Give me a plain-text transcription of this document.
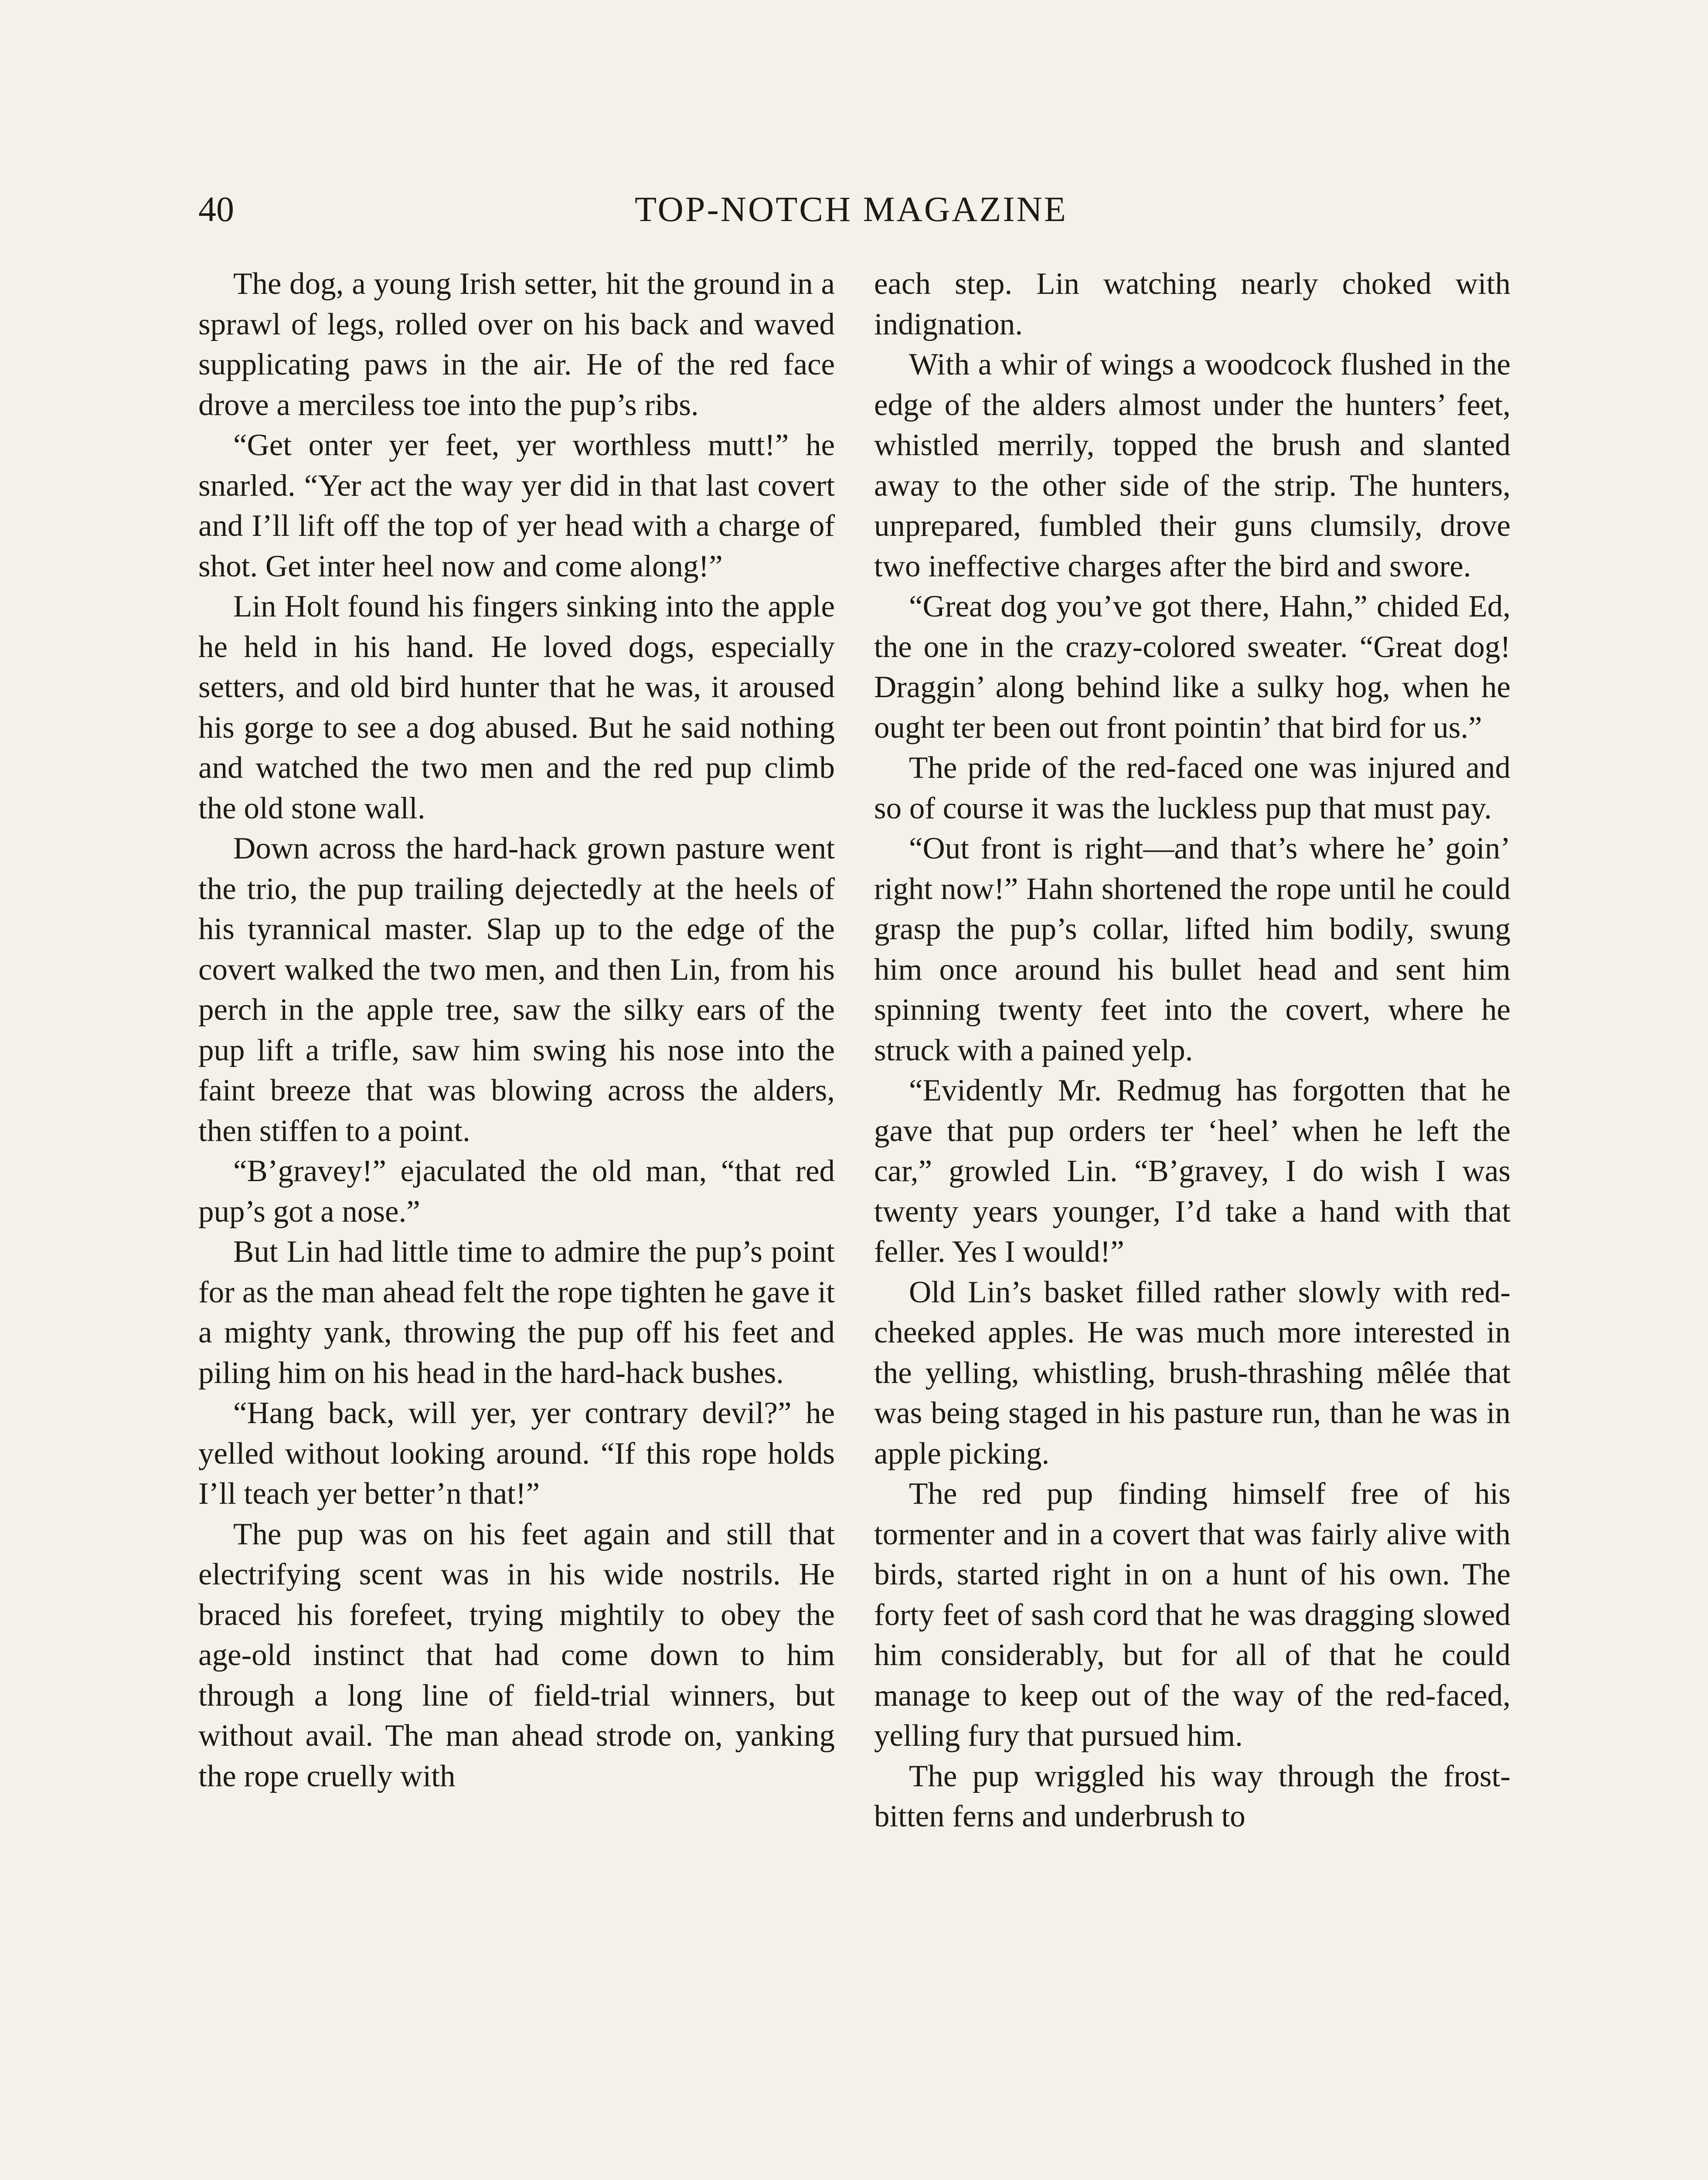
40	TOP-NOTCH MAGAZINE

The dog, a young Irish setter, hit the ground in a sprawl of legs, rolled over on his back and waved supplicating paws in the air. He of the red face drove a merciless toe into the pup’s ribs.

“Get onter yer feet, yer worthless mutt!” he snarled. “Yer act the way yer did in that last covert and I’ll lift off the top of yer head with a charge of shot. Get inter heel now and come along!”

Lin Holt found his fingers sinking into the apple he held in his hand. He loved dogs, especially setters, and old bird hunter that he was, it aroused his gorge to see a dog abused. But he said nothing and watched the two men and the red pup climb the old stone wall.

Down across the hard-hack grown pasture went the trio, the pup trailing dejectedly at the heels of his tyrannical master. Slap up to the edge of the covert walked the two men, and then Lin, from his perch in the apple tree, saw the silky ears of the pup lift a trifle, saw him swing his nose into the faint breeze that was blowing across the alders, then stiffen to a point.

“B’gravey!” ejaculated the old man, “that red pup’s got a nose.”

But Lin had little time to admire the pup’s point for as the man ahead felt the rope tighten he gave it a mighty yank, throwing the pup off his feet and piling him on his head in the hard-hack bushes.

“Hang back, will yer, yer contrary devil?” he yelled without looking around. “If this rope holds I’ll teach yer better’n that!”

The pup was on his feet again and still that electrifying scent was in his wide nostrils. He braced his forefeet, trying mightily to obey the age-old instinct that had come down to him through a long line of field-trial winners, but without avail. The man ahead strode on, yanking the rope cruelly with

each step. Lin watching nearly choked with indignation.

With a whir of wings a woodcock flushed in the edge of the alders almost under the hunters’ feet, whistled merrily, topped the brush and slanted away to the other side of the strip. The hunters, unprepared, fumbled their guns clumsily, drove two ineffective charges after the bird and swore.

“Great dog you’ve got there, Hahn,” chided Ed, the one in the crazy-colored sweater. “Great dog! Draggin’ along behind like a sulky hog, when he ought ter been out front pointin’ that bird for us.”

The pride of the red-faced one was injured and so of course it was the luckless pup that must pay.

“Out front is right—and that’s where he’ goin’ right now!” Hahn shortened the rope until he could grasp the pup’s collar, lifted him bodily, swung him once around his bullet head and sent him spinning twenty feet into the covert, where he struck with a pained yelp.

“Evidently Mr. Redmug has forgotten that he gave that pup orders ter ‘heel’ when he left the car,” growled Lin. “B’gravey, I do wish I was twenty years younger, I’d take a hand with that feller. Yes I would!”

Old Lin’s basket filled rather slowly with red-cheeked apples. He was much more interested in the yelling, whistling, brush-thrashing mêlée that was being staged in his pasture run, than he was in apple picking.

The red pup finding himself free of his tormenter and in a covert that was fairly alive with birds, started right in on a hunt of his own. The forty feet of sash cord that he was dragging slowed him considerably, but for all of that he could manage to keep out of the way of the red-faced, yelling fury that pursued him.

The pup wriggled his way through the frost-bitten ferns and underbrush to
